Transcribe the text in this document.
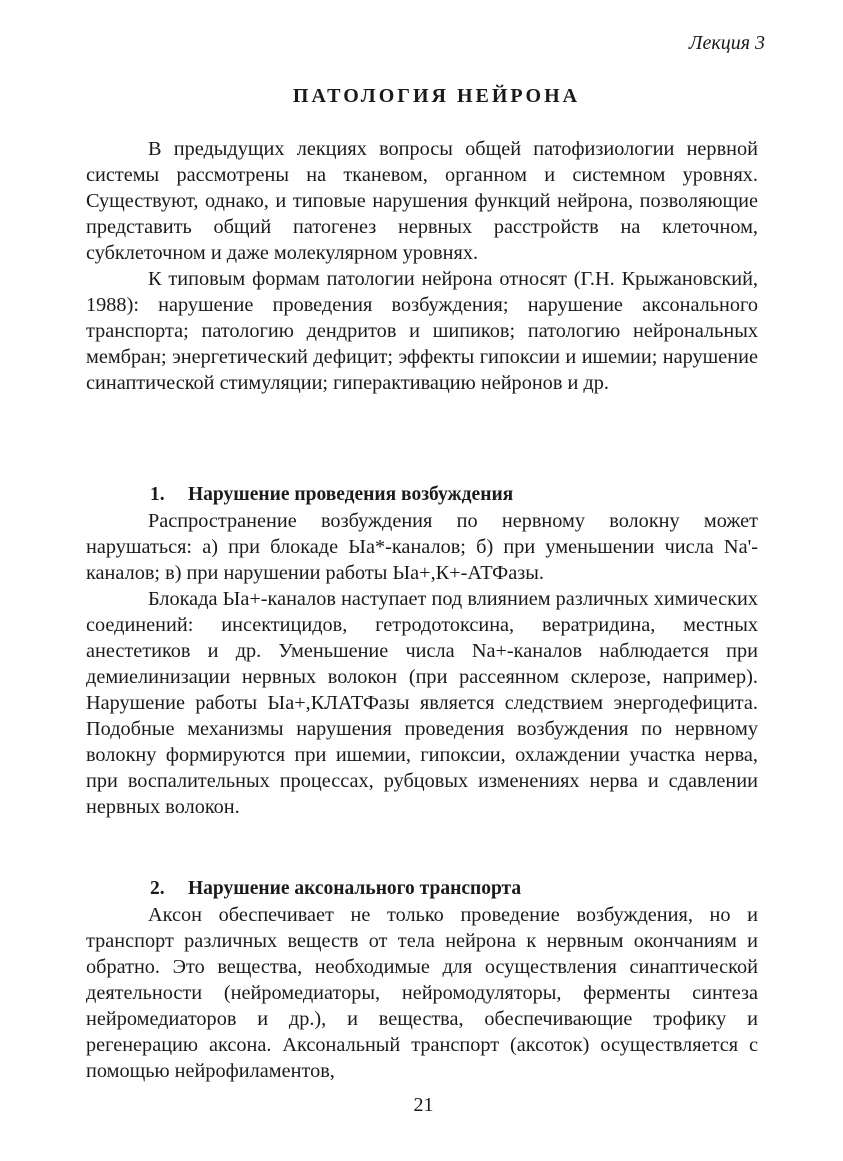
Лекция 3
ПАТОЛОГИЯ НЕЙРОНА

В предыдущих лекциях вопросы общей патофизиологии нервной системы рассмотрены на тканевом, органном и системном уровнях. Существуют, однако, и типовые нарушения функций нейрона, позволяющие представить общий патогенез нервных расстройств на клеточном, субклеточном и даже молекулярном уровнях.

К типовым формам патологии нейрона относят (Г.Н. Крыжановский, 1988): нарушение проведения возбуждения; нарушение аксонального транспорта; патологию дендритов и шипиков; патологию нейрональных мембран; энергетический дефицит; эффекты гипоксии и ишемии; нарушение синаптической стимуляции; гиперактивацию нейронов и др.

1. Нарушение проведения возбуждения

Распространение возбуждения по нервному волокну может нарушаться: а) при блокаде Ыа*-каналов; б) при уменьшении числа Na'-каналов; в) при нарушении работы Ыа+,К+-АТФазы.

Блокада Ыа+-каналов наступает под влиянием различных химических соединений: инсектицидов, гетродотоксина, вератридина, местных анестетиков и др. Уменьшение числа Na+-каналов наблюдается при демиелинизации нервных волокон (при рассеянном склерозе, например). Нарушение работы Ыа+,КЛАТФазы является следствием энергодефицита. Подобные механизмы нарушения проведения возбуждения по нервному волокну формируются при ишемии, гипоксии, охлаждении участка нерва, при воспалительных процессах, рубцовых изменениях нерва и сдавлении нервных волокон.

2. Нарушение аксонального транспорта

Аксон обеспечивает не только проведение возбуждения, но и транспорт различных веществ от тела нейрона к нервным окончаниям и обратно. Это вещества, необходимые для осуществления синаптической деятельности (нейромедиаторы, нейромодуляторы, ферменты синтеза нейромедиаторов и др.), и вещества, обеспечивающие трофику и регенерацию аксона. Аксональный транспорт (аксоток) осуществляется с помощью нейрофиламентов,

21
